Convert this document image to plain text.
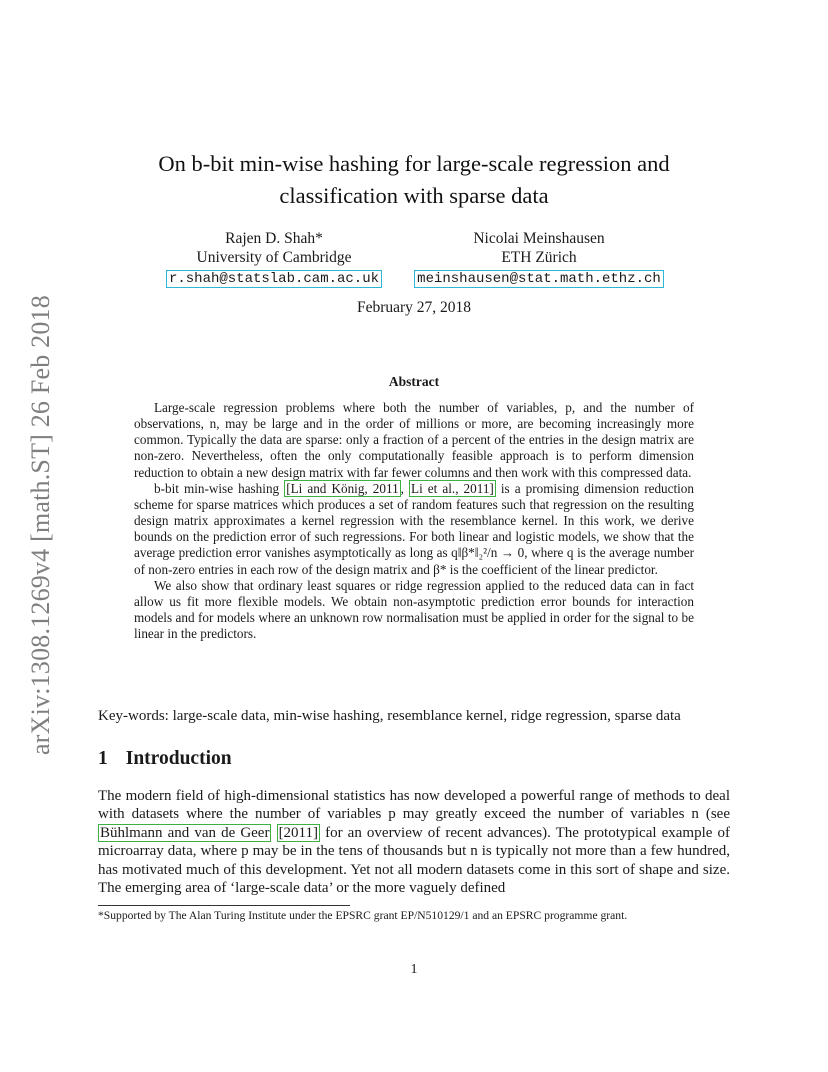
arXiv:1308.1269v4 [math.ST] 26 Feb 2018
On b-bit min-wise hashing for large-scale regression and
classification with sparse data
Rajen D. Shah*
University of Cambridge
r.shah@statslab.cam.ac.uk
Nicolai Meinshausen
ETH Zürich
meinshausen@stat.math.ethz.ch
February 27, 2018
Abstract

Large-scale regression problems where both the number of variables, p, and the number of observations, n, may be large and in the order of millions or more, are becoming increasingly more common. Typically the data are sparse: only a fraction of a percent of the entries in the design matrix are non-zero. Nevertheless, often the only computationally feasible approach is to perform dimension reduction to obtain a new design matrix with far fewer columns and then work with this compressed data.

b-bit min-wise hashing [Li and König, 2011 , Li et al., 2011] is a promising dimension reduction scheme for sparse matrices which produces a set of random features such that regression on the resulting design matrix approximates a kernel regression with the resemblance kernel. In this work, we derive bounds on the prediction error of such regressions. For both linear and logistic models, we show that the average prediction error vanishes asymptotically as long as q‖β*‖₂²/n → 0, where q is the average number of non-zero entries in each row of the design matrix and β* is the coefficient of the linear predictor.

We also show that ordinary least squares or ridge regression applied to the reduced data can in fact allow us fit more flexible models. We obtain non-asymptotic prediction error bounds for interaction models and for models where an unknown row normalisation must be applied in order for the signal to be linear in the predictors.

Key-words: large-scale data, min-wise hashing, resemblance kernel, ridge regression, sparse data
1 Introduction
The modern field of high-dimensional statistics has now developed a powerful range of methods to deal with datasets where the number of variables p may greatly exceed the number of variables n (see Bühlmann and van de Geer [2011] for an overview of recent advances). The prototypical example of microarray data, where p may be in the tens of thousands but n is typically not more than a few hundred, has motivated much of this development. Yet not all modern datasets come in this sort of shape and size. The emerging area of ‘large-scale data’ or the more vaguely defined
*Supported by The Alan Turing Institute under the EPSRC grant EP/N510129/1 and an EPSRC programme grant.
1
